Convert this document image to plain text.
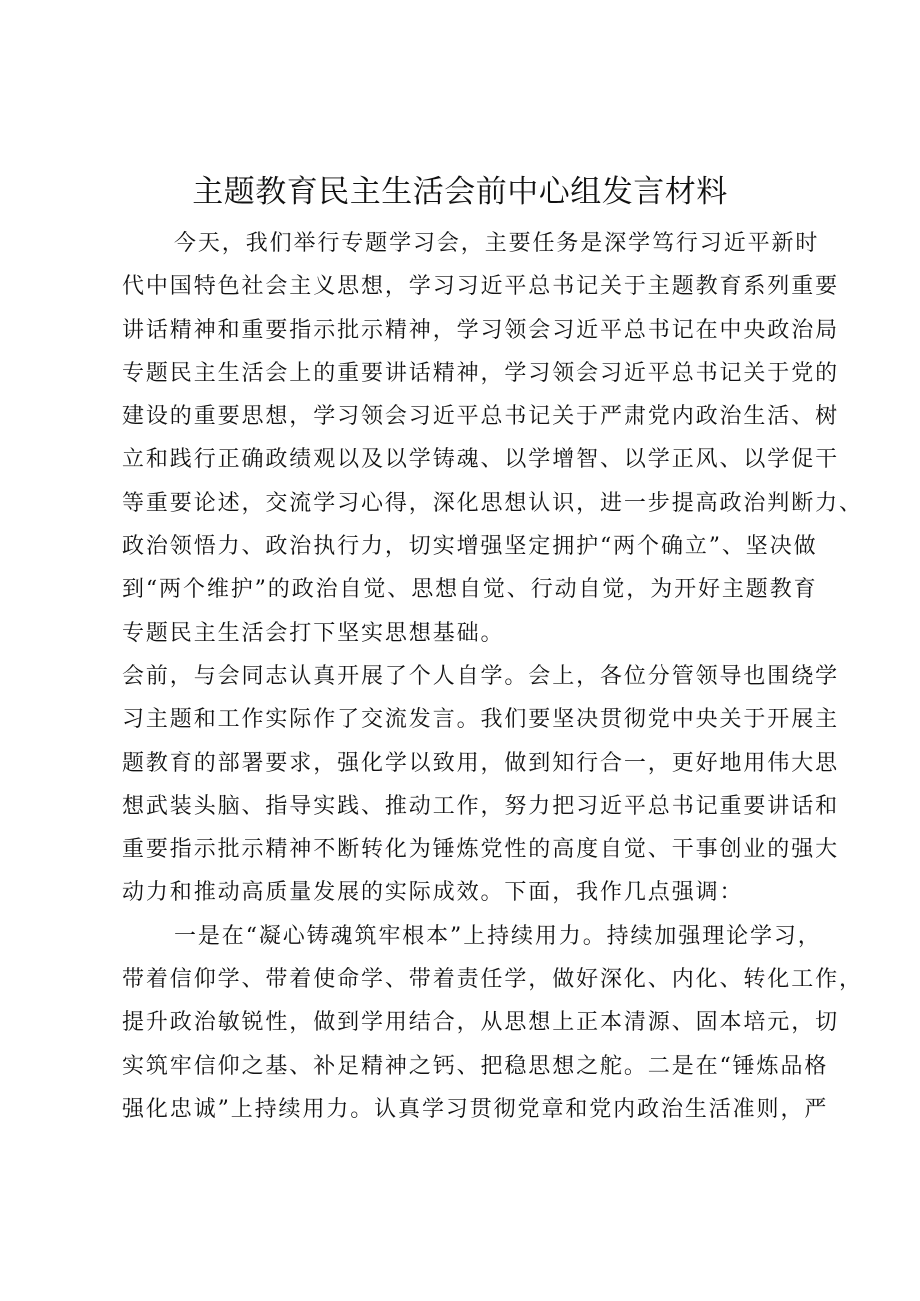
主题教育民主生活会前中心组发言材料

今天，我们举行专题学习会，主要任务是深学笃行习近平新时

代中国特色社会主义思想，学习习近平总书记关于主题教育系列重要

讲话精神和重要指示批示精神，学习领会习近平总书记在中央政治局

专题民主生活会上的重要讲话精神，学习领会习近平总书记关于党的

建设的重要思想，学习领会习近平总书记关于严肃党内政治生活、树

立和践行正确政绩观以及以学铸魂、以学增智、以学正风、以学促干

等重要论述，交流学习心得，深化思想认识，进一步提高政治判断力、

政治领悟力、政治执行力，切实增强坚定拥护“两个确立”、坚决做

到“两个维护”的政治自觉、思想自觉、行动自觉，为开好主题教育

专题民主生活会打下坚实思想基础。

会前，与会同志认真开展了个人自学。会上，各位分管领导也围绕学

习主题和工作实际作了交流发言。我们要坚决贯彻党中央关于开展主

题教育的部署要求，强化学以致用，做到知行合一，更好地用伟大思

想武装头脑、指导实践、推动工作，努力把习近平总书记重要讲话和

重要指示批示精神不断转化为锤炼党性的高度自觉、干事创业的强大

动力和推动高质量发展的实际成效。下面，我作几点强调：

一是在“凝心铸魂筑牢根本”上持续用力。持续加强理论学习，

带着信仰学、带着使命学、带着责任学，做好深化、内化、转化工作，

提升政治敏锐性，做到学用结合，从思想上正本清源、固本培元，切

实筑牢信仰之基、补足精神之钙、把稳思想之舵。二是在“锤炼品格

强化忠诚”上持续用力。认真学习贯彻党章和党内政治生活准则，严
